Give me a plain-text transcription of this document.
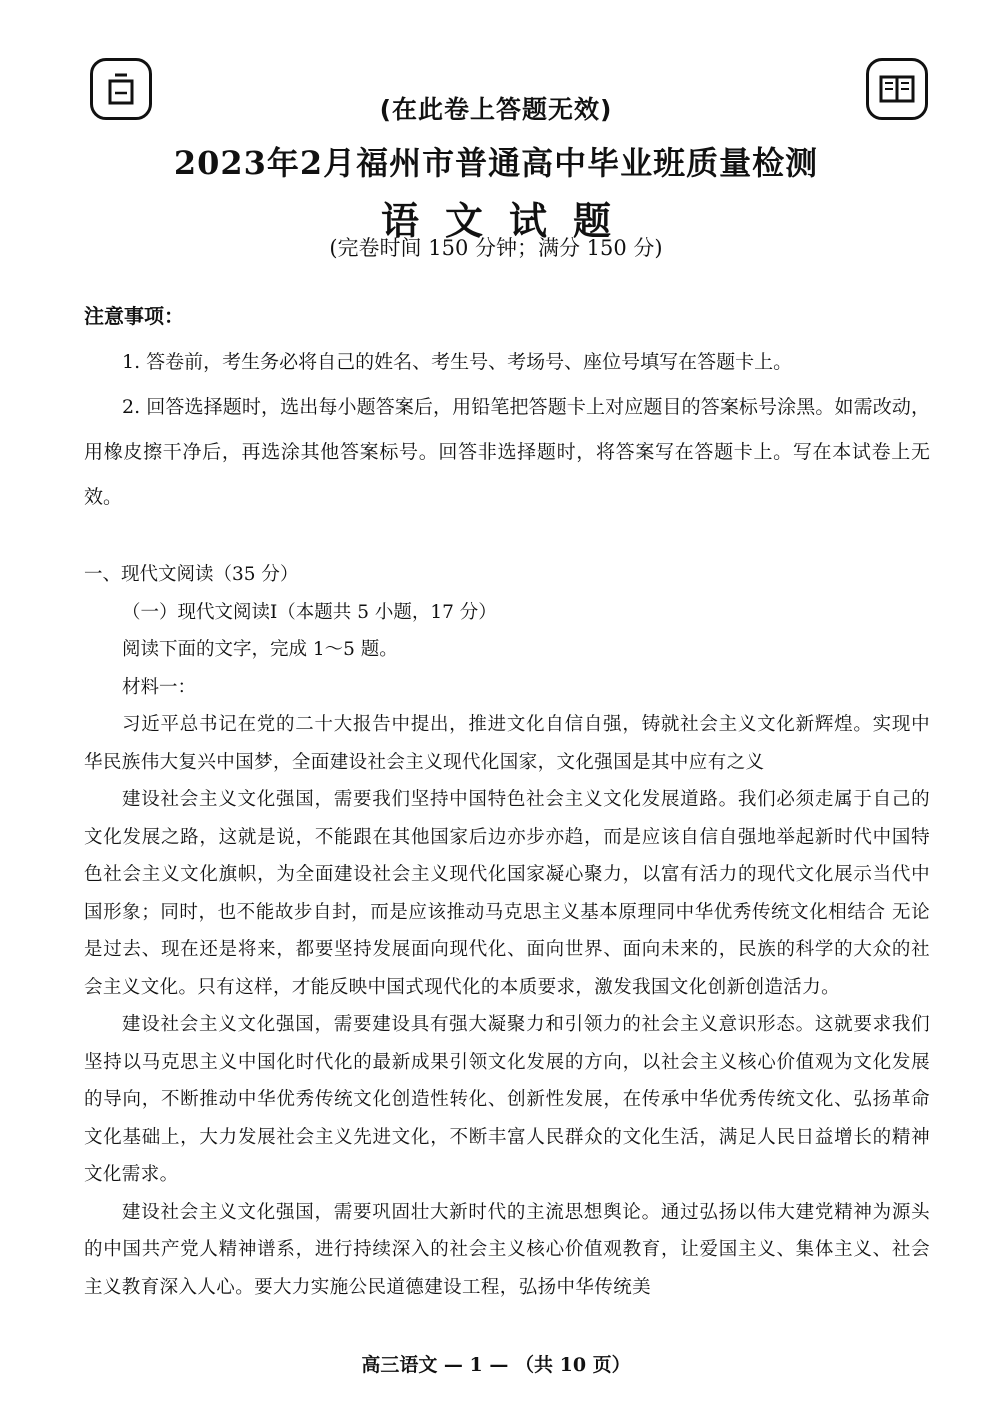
(在此卷上答题无效)
2023年2月福州市普通高中毕业班质量检测
语文试题
(完卷时间 150 分钟；满分 150 分)
注意事项：

1. 答卷前，考生务必将自己的姓名、考生号、考场号、座位号填写在答题卡上。

2. 回答选择题时，选出每小题答案后，用铅笔把答题卡上对应题目的答案标号涂黑。如需改动，用橡皮擦干净后，再选涂其他答案标号。回答非选择题时，将答案写在答题卡上。写在本试卷上无效。

一、现代文阅读（35 分）

（一）现代文阅读Ⅰ（本题共 5 小题，17 分）

阅读下面的文字，完成 1～5 题。

材料一：

习近平总书记在党的二十大报告中提出，推进文化自信自强，铸就社会主义文化新辉煌。实现中华民族伟大复兴中国梦，全面建设社会主义现代化国家，文化强国是其中应有之义

建设社会主义文化强国，需要我们坚持中国特色社会主义文化发展道路。我们必须走属于自己的文化发展之路，这就是说，不能跟在其他国家后边亦步亦趋，而是应该自信自强地举起新时代中国特色社会主义文化旗帜，为全面建设社会主义现代化国家凝心聚力，以富有活力的现代文化展示当代中国形象；同时，也不能故步自封，而是应该推动马克思主义基本原理同中华优秀传统文化相结合 无论是过去、现在还是将来，都要坚持发展面向现代化、面向世界、面向未来的，民族的科学的大众的社会主义文化。只有这样，才能反映中国式现代化的本质要求，激发我国文化创新创造活力。

建设社会主义文化强国，需要建设具有强大凝聚力和引领力的社会主义意识形态。这就要求我们坚持以马克思主义中国化时代化的最新成果引领文化发展的方向，以社会主义核心价值观为文化发展的导向，不断推动中华优秀传统文化创造性转化、创新性发展，在传承中华优秀传统文化、弘扬革命文化基础上，大力发展社会主义先进文化，不断丰富人民群众的文化生活，满足人民日益增长的精神文化需求。

建设社会主义文化强国，需要巩固壮大新时代的主流思想舆论。通过弘扬以伟大建党精神为源头的中国共产党人精神谱系，进行持续深入的社会主义核心价值观教育，让爱国主义、集体主义、社会主义教育深入人心。要大力实施公民道德建设工程，弘扬中华传统美

高三语文 — 1 — （共 10 页）
